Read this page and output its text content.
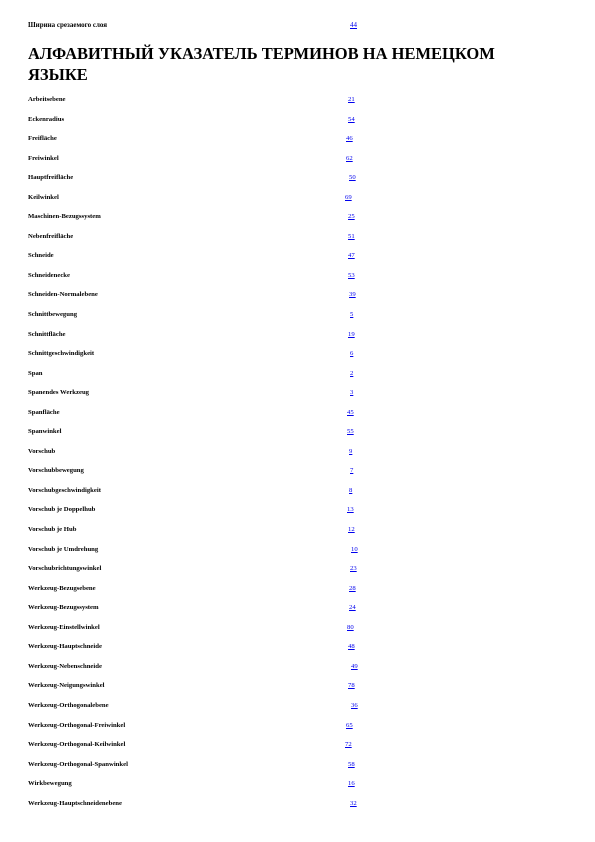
Ширина срезаемого слоя	44
АЛФАВИТНЫЙ УКАЗАТЕЛЬ ТЕРМИНОВ НА НЕМЕЦКОМ ЯЗЫКЕ
Arbeitsebene	21
Eckenradius	54
Freifläche	46
Freiwinkel	62
Hauptfreifläche	50
Keilwinkel	69
Maschinen-Bezugssystem	25
Nebenfreifläche	51
Schneide	47
Schneidenecke	53
Schneiden-Normalebene	39
Schnittbewegung	5
Schnittfläche	19
Schnittgeschwindigkeit	6
Span	2
Spanendes Werkzeug	3
Spanfläche	45
Spanwinkel	55
Vorschub	9
Vorschubbewegung	7
Vorschubgeschwindigkeit	8
Vorschub je Doppelhub	13
Vorschub je Hub	12
Vorschub je Umdrehung	10
Vorschubrichtungswinkel	23
Werkzeug-Bezugsebene	28
Werkzeug-Bezugssystem	24
Werkzeug-Einstellwinkel	80
Werkzeug-Hauptschneide	48
Werkzeug-Nebenschneide	49
Werkzeug-Neigungswinkel	78
Werkzeug-Orthogonalebene	36
Werkzeug-Orthogonal-Freiwinkel	65
Werkzeug-Orthogonal-Keilwinkel	72
Werkzeug-Orthogonal-Spanwinkel	58
Wirkbewegung	16
Werkzeug-Hauptschneidenebene	32
